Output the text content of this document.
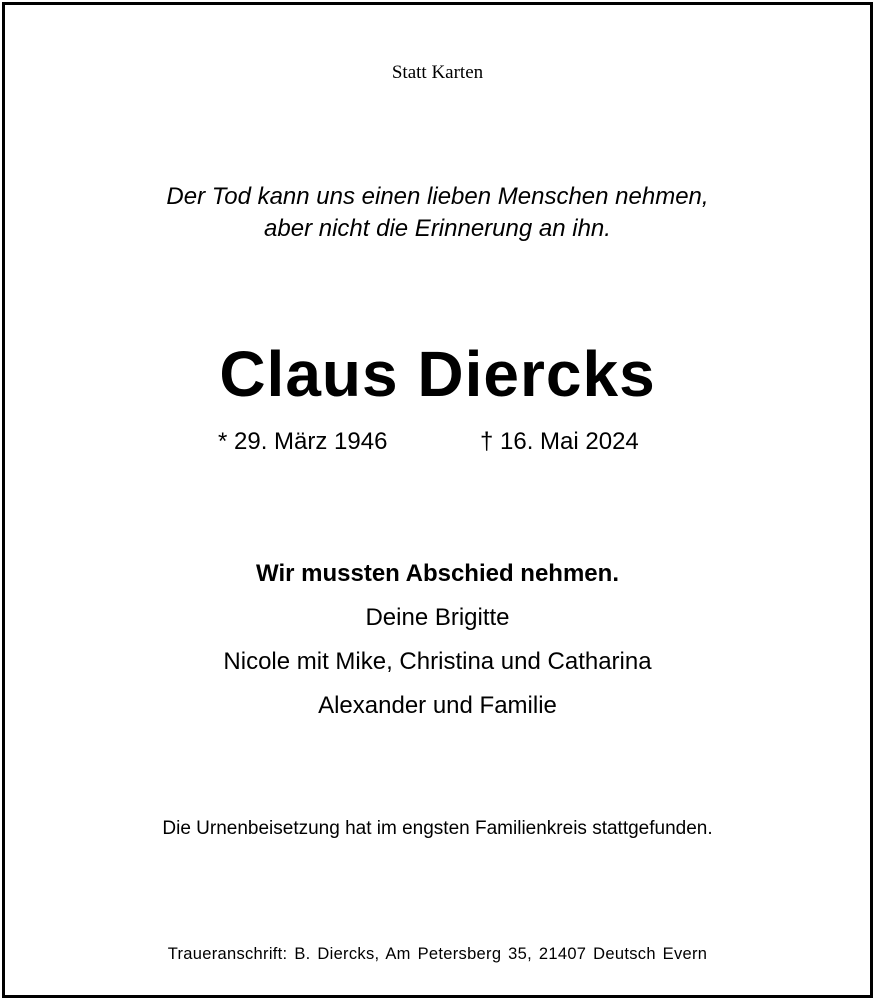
Statt Karten
Der Tod kann uns einen lieben Menschen nehmen,
aber nicht die Erinnerung an ihn.
Claus Diercks
* 29. März 1946	† 16. Mai 2024
Wir mussten Abschied nehmen.
Deine Brigitte
Nicole mit Mike, Christina und Catharina
Alexander und Familie
Die Urnenbeisetzung hat im engsten Familienkreis stattgefunden.
Traueranschrift: B. Diercks, Am Petersberg 35, 21407 Deutsch Evern
